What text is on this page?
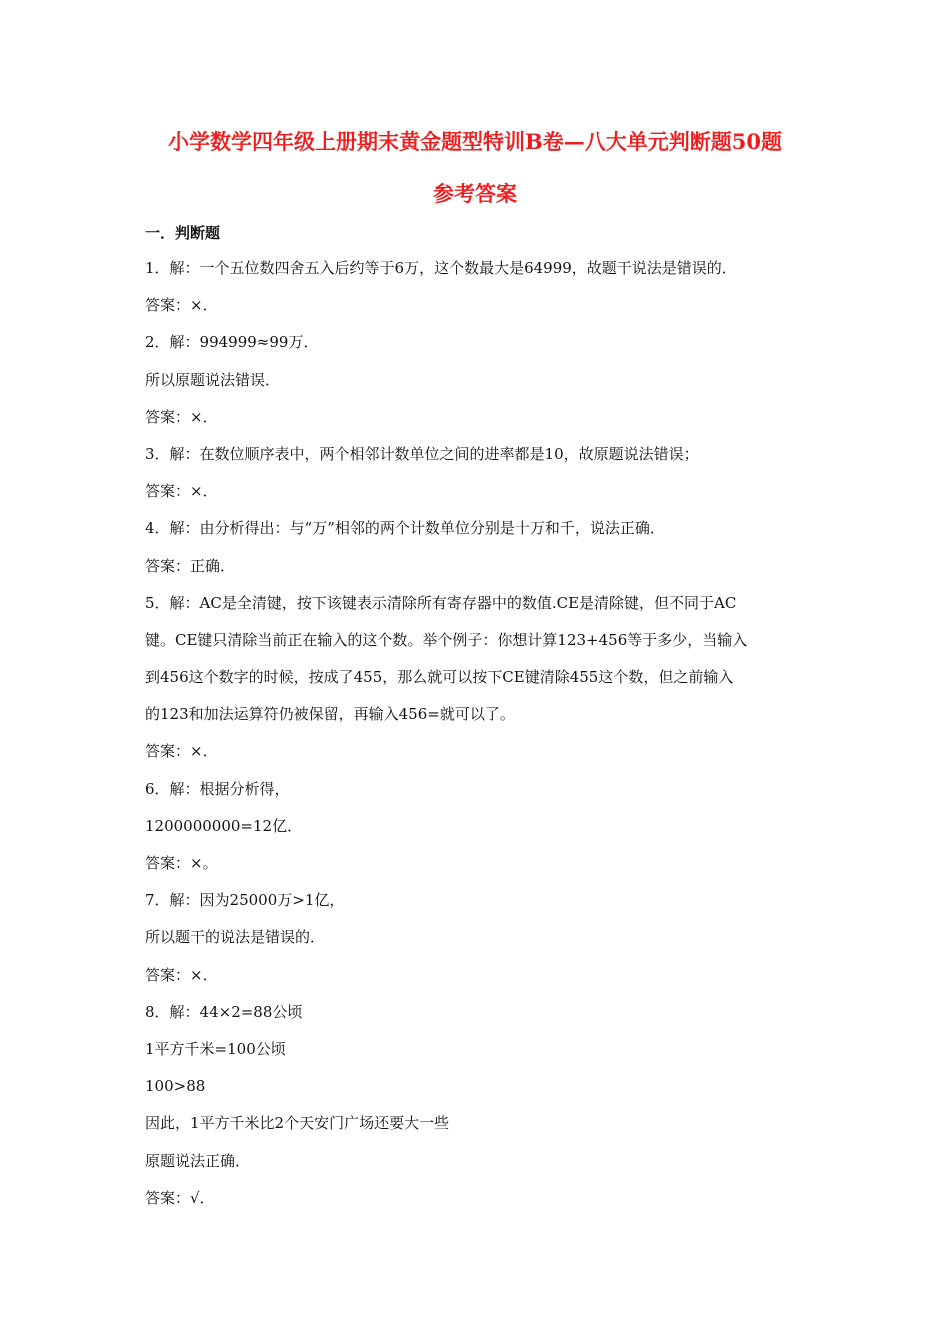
小学数学四年级上册期末黄金题型特训B卷—八大单元判断题50题
参考答案
一．判断题
1．解：一个五位数四舍五入后约等于6万，这个数最大是64999，故题干说法是错误的．
答案：×．
2．解：994999≈99万．
所以原题说法错误．
答案：×．
3．解：在数位顺序表中，两个相邻计数单位之间的进率都是10，故原题说法错误；
答案：×．
4．解：由分析得出：与“万”相邻的两个计数单位分别是十万和千，说法正确．
答案：正确．
5．解：AC是全清键，按下该键表示清除所有寄存器中的数值.CE是清除键，但不同于AC
键。CE键只清除当前正在输入的这个数。举个例子：你想计算123+456等于多少，当输入
到456这个数字的时候，按成了455，那么就可以按下CE键清除455这个数，但之前输入
的123和加法运算符仍被保留，再输入456=就可以了。
答案：×．
6．解：根据分析得，
1200000000=12亿．
答案：×。
7．解：因为25000万>1亿，
所以题干的说法是错误的．
答案：×．
8．解：44×2=88公顷
1平方千米=100公顷
100>88
因此，1平方千米比2个天安门广场还要大一些
原题说法正确．
答案：√．
